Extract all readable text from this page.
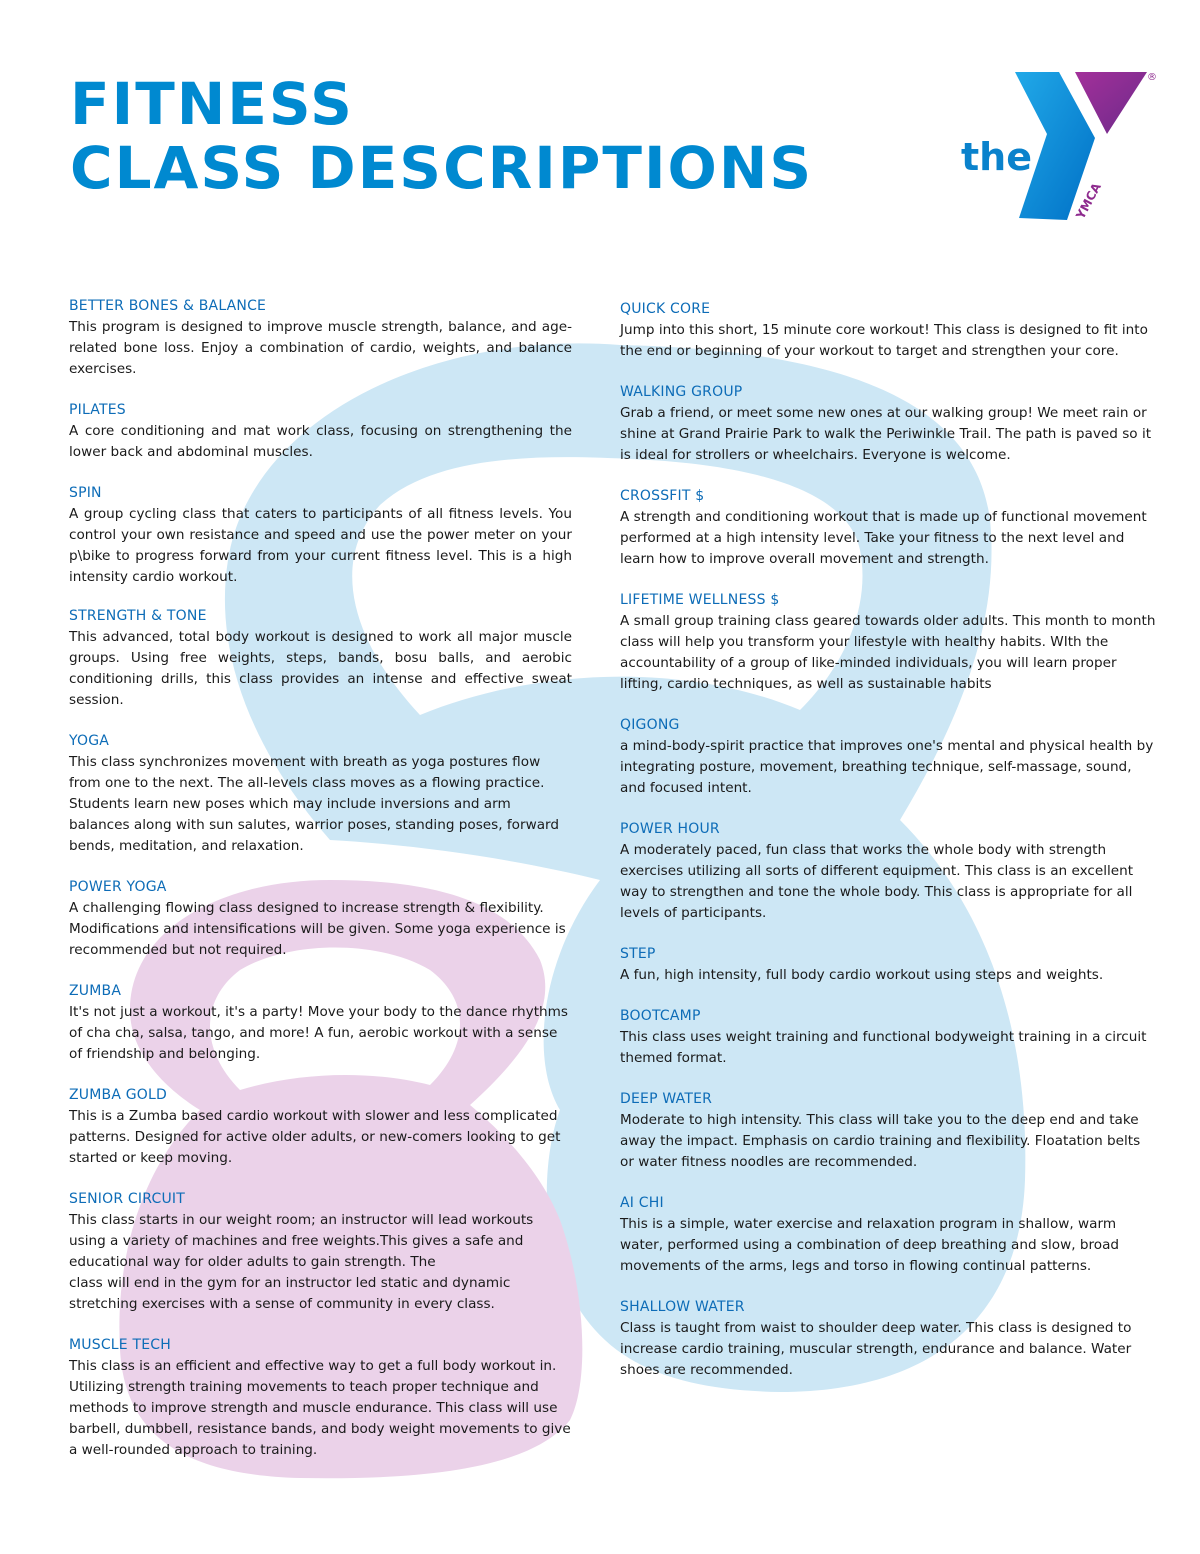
FITNESS
CLASS DESCRIPTIONS	the
YMCA
®
BETTER BONES & BALANCE

This program is designed to improve muscle strength, balance, and age-related bone loss. Enjoy a combination of cardio, weights, and balance exercises.

PILATES

A core conditioning and mat work class, focusing on strengthening the lower back and abdominal muscles.

SPIN

A group cycling class that caters to participants of all fitness levels. You control your own resistance and speed and use the power meter on your p\bike to progress forward from your current fitness level. This is a high intensity cardio workout.

STRENGTH & TONE

This advanced, total body workout is designed to work all major muscle groups. Using free weights, steps, bands, bosu balls, and aerobic conditioning drills, this class provides an intense and effective sweat session.

YOGA

This class synchronizes movement with breath as yoga postures flow from one to the next. The all-levels class moves as a flowing practice. Students learn new poses which may include inversions and arm balances along with sun salutes, warrior poses, standing poses, forward bends, meditation, and relaxation.

POWER YOGA

A challenging flowing class designed to increase strength & flexibility. Modifications and intensifications will be given. Some yoga experience is recommended but not required.

ZUMBA

It's not just a workout, it's a party! Move your body to the dance rhythms of cha cha, salsa, tango, and more! A fun, aerobic workout with a sense of friendship and belonging.

ZUMBA GOLD

This is a Zumba based cardio workout with slower and less complicated patterns. Designed for active older adults, or new-comers looking to get started or keep moving.

SENIOR CIRCUIT

This class starts in our weight room; an instructor will lead workouts using a variety of machines and free weights.This gives a safe and educational way for older adults to gain strength. The
class will end in the gym for an instructor led static and dynamic stretching exercises with a sense of community in every class.

MUSCLE TECH

This class is an efficient and effective way to get a full body workout in. Utilizing strength training movements to teach proper technique and methods to improve strength and muscle endurance. This class will use barbell, dumbbell, resistance bands, and body weight movements to give a well-rounded approach to training.

QUICK CORE

Jump into this short, 15 minute core workout! This class is designed to fit into the end or beginning of your workout to target and strengthen your core.

WALKING GROUP

Grab a friend, or meet some new ones at our walking group! We meet rain or shine at Grand Prairie Park to walk the Periwinkle Trail. The path is paved so it is ideal for strollers or wheelchairs. Everyone is welcome.

CROSSFIT $

A strength and conditioning workout that is made up of functional movement performed at a high intensity level. Take your fitness to the next level and learn how to improve overall movement and strength.

LIFETIME WELLNESS $

A small group training class geared towards older adults. This month to month class will help you transform your lifestyle with healthy habits. WIth the accountability of a group of like-minded individuals, you will learn proper lifting, cardio techniques, as well as sustainable habits

QIGONG

a mind-body-spirit practice that improves one's mental and physical health by integrating posture, movement, breathing technique, self-massage, sound, and focused intent.

POWER HOUR

A moderately paced, fun class that works the whole body with strength exercises utilizing all sorts of different equipment. This class is an excellent way to strengthen and tone the whole body. This class is appropriate for all levels of participants.

STEP

A fun, high intensity, full body cardio workout using steps and weights.

BOOTCAMP

This class uses weight training and functional bodyweight training in a circuit themed format.

DEEP WATER

Moderate to high intensity. This class will take you to the deep end and take away the impact. Emphasis on cardio training and flexibility. Floatation belts or water fitness noodles are recommended.

AI CHI

This is a simple, water exercise and relaxation program in shallow, warm water, performed using a combination of deep breathing and slow, broad movements of the arms, legs and torso in flowing continual patterns.

SHALLOW WATER

Class is taught from waist to shoulder deep water. This class is designed to increase cardio training, muscular strength, endurance and balance. Water shoes are recommended.
